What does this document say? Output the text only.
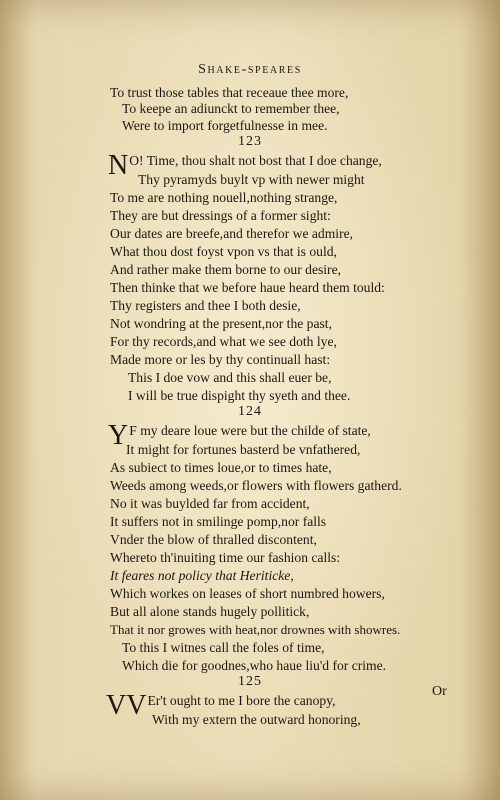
Shake-speares
To trust those tables that receaue thee more,
To keepe an adiunckt to remember thee,
Were to import forgetfulnesse in mee.
123
NO! Time, thou shalt not bost that I doe change,
Thy pyramyds buylt vp with newer might
To me are nothing nouell,nothing strange,
They are but dressings of a former sight:
Our dates are breefe,and therefor we admire,
What thou dost foyst vpon vs that is ould,
And rather make them borne to our desire,
Then thinke that we before haue heard them tould:
Thy registers and thee I both desie,
Not wondring at the present,nor the past,
For thy records,and what we see doth lye,
Made more or les by thy continuall hast:
This I doe vow and this shall euer be,
I will be true dispight thy syeth and thee.
124
YF my deare loue were but the childe of state,
It might for fortunes basterd be vnfathered,
As subiect to times loue,or to times hate,
Weeds among weeds,or flowers with flowers gatherd.
No it was buylded far from accident,
It suffers not in smilinge pomp,nor falls
Vnder the blow of thralled discontent,
Whereto th'inuiting time our fashion calls:
It feares not policy that Heriticke,
Which workes on leases of short numbred howers,
But all alone stands hugely pollitick,
That it nor growes with heat,nor drownes with showres.
To this I witnes call the foles of time,
Which die for goodnes,who haue liu'd for crime.
125
VVEr't ought to me I bore the canopy,
With my extern the outward honoring,
Or
